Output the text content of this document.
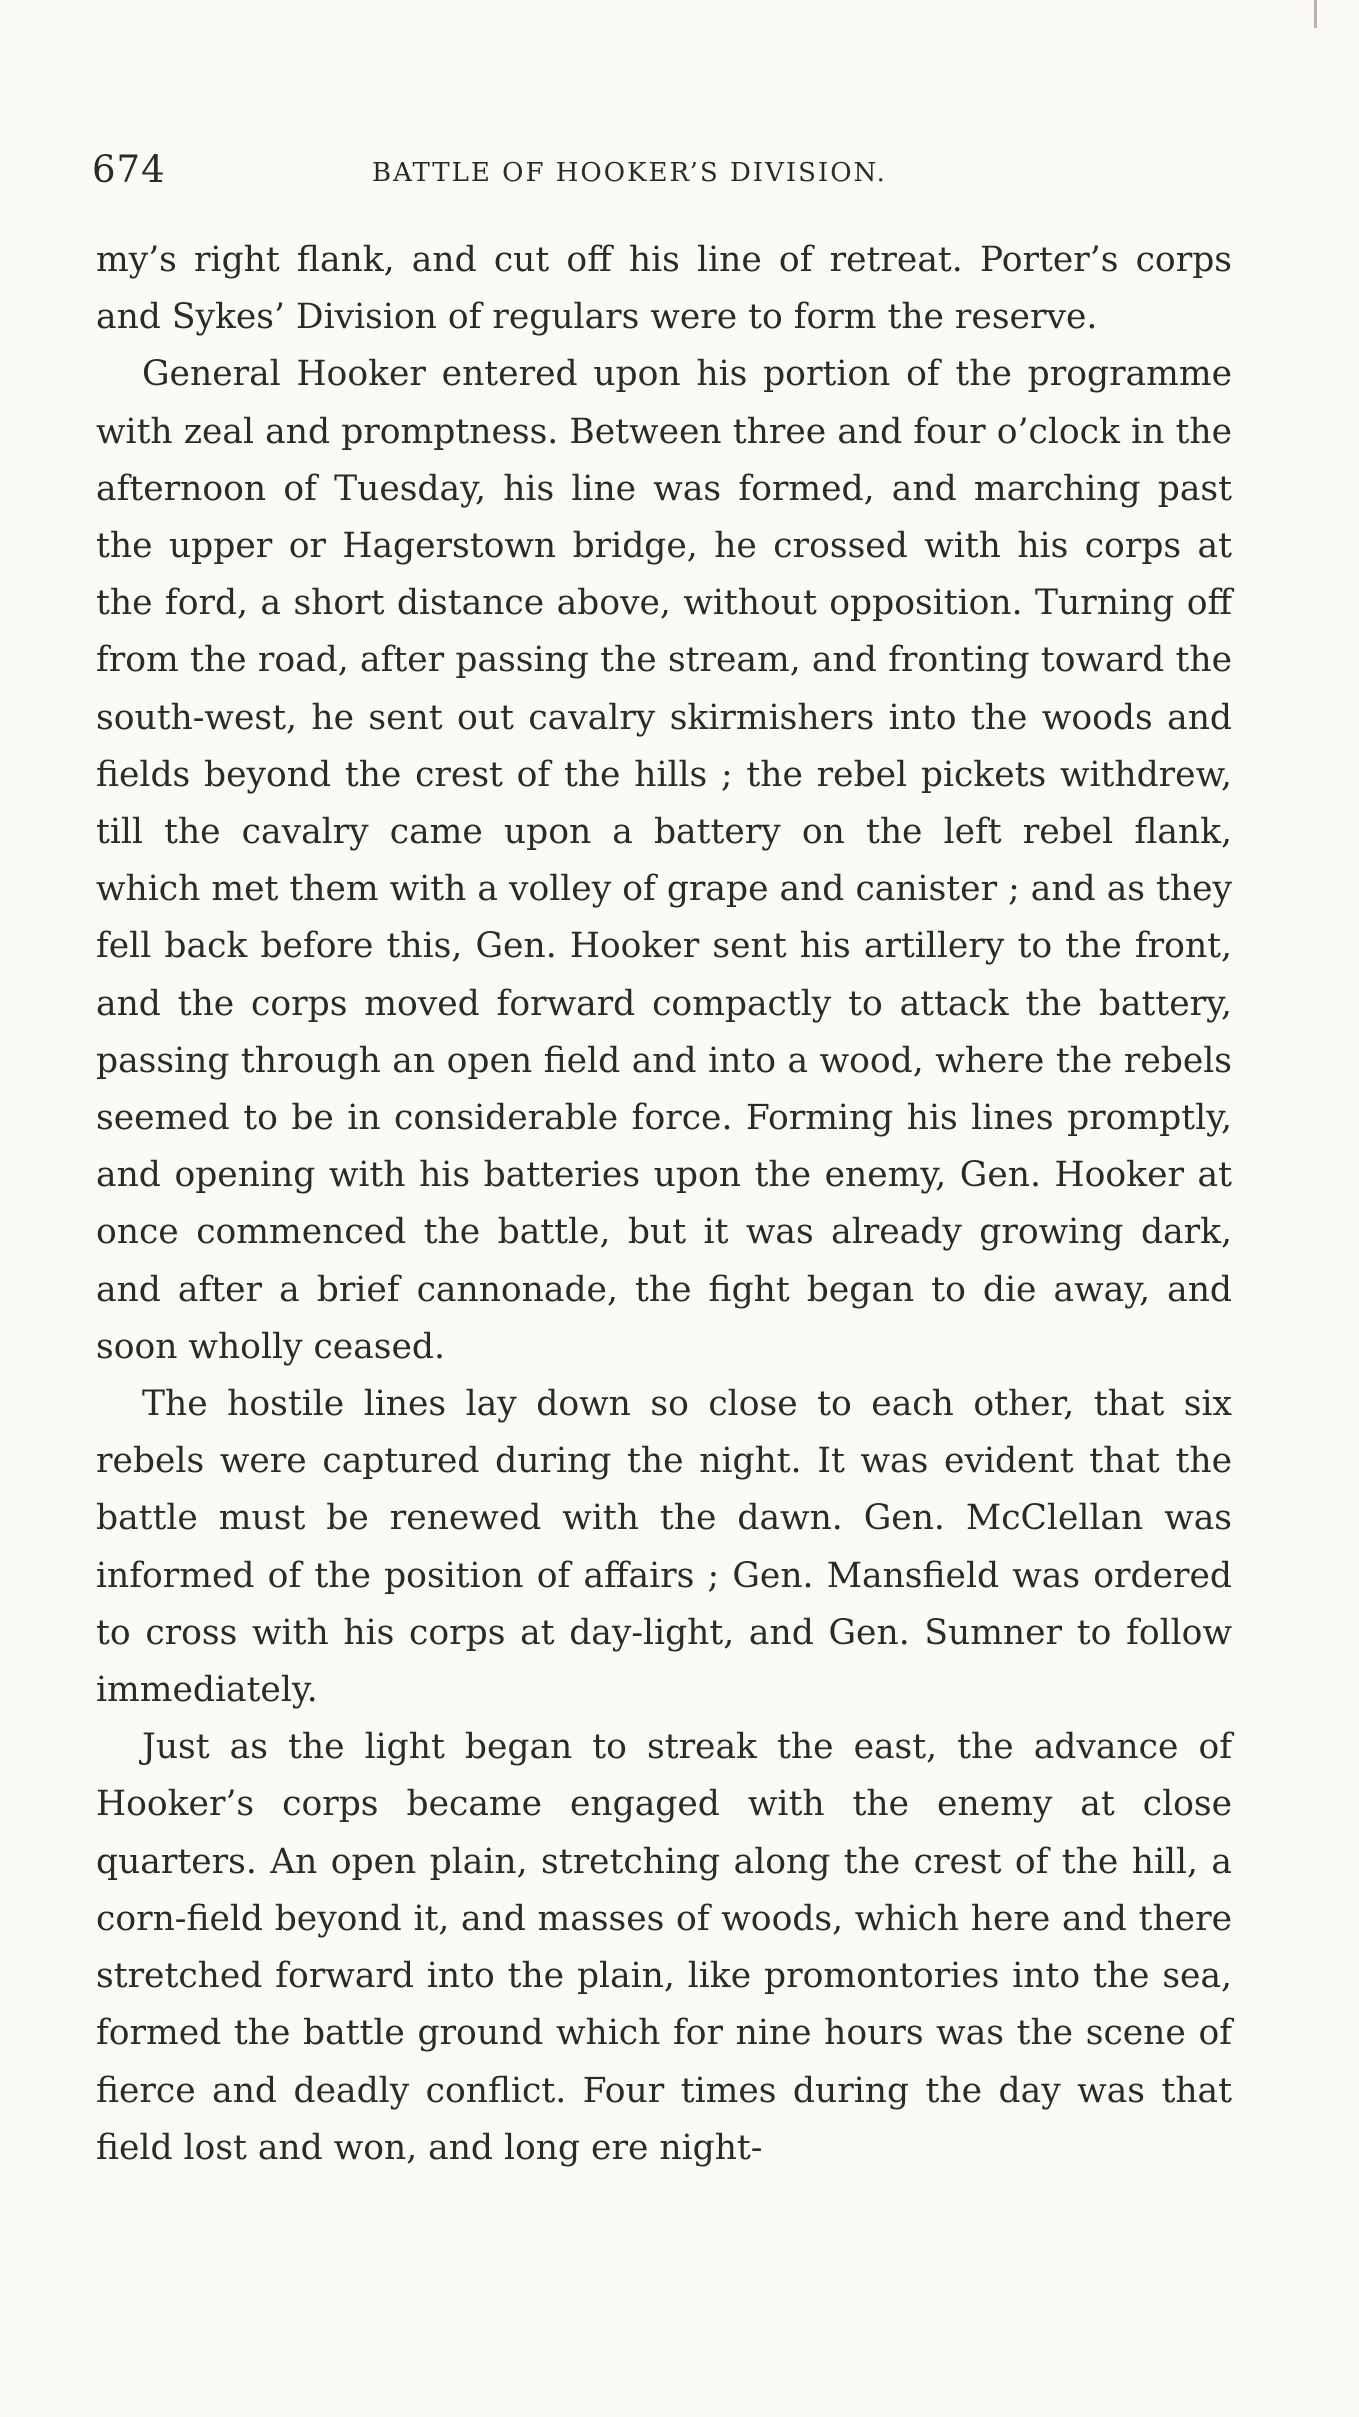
674	BATTLE OF HOOKER’S DIVISION.

my’s right flank, and cut off his line of retreat. Porter’s corps and Sykes’ Division of regulars were to form the reserve.

General Hooker entered upon his portion of the programme with zeal and promptness. Between three and four o’clock in the afternoon of Tuesday, his line was formed, and marching past the upper or Hagerstown bridge, he crossed with his corps at the ford, a short distance above, without opposition. Turning off from the road, after passing the stream, and fronting toward the south-west, he sent out cavalry skirmishers into the woods and fields beyond the crest of the hills ; the rebel pickets withdrew, till the cavalry came upon a battery on the left rebel flank, which met them with a volley of grape and canister ; and as they fell back before this, Gen. Hooker sent his artillery to the front, and the corps moved forward compactly to attack the battery, passing through an open field and into a wood, where the rebels seemed to be in considerable force. Forming his lines promptly, and opening with his batteries upon the enemy, Gen. Hooker at once commenced the battle, but it was already growing dark, and after a brief cannonade, the fight began to die away, and soon wholly ceased.

The hostile lines lay down so close to each other, that six rebels were captured during the night. It was evident that the battle must be renewed with the dawn. Gen. McClellan was informed of the position of affairs ; Gen. Mansfield was ordered to cross with his corps at day-light, and Gen. Sumner to follow immediately.

Just as the light began to streak the east, the advance of Hooker’s corps became engaged with the enemy at close quarters. An open plain, stretching along the crest of the hill, a corn-field beyond it, and masses of woods, which here and there stretched forward into the plain, like promontories into the sea, formed the battle ground which for nine hours was the scene of fierce and deadly conflict. Four times during the day was that field lost and won, and long ere night-
